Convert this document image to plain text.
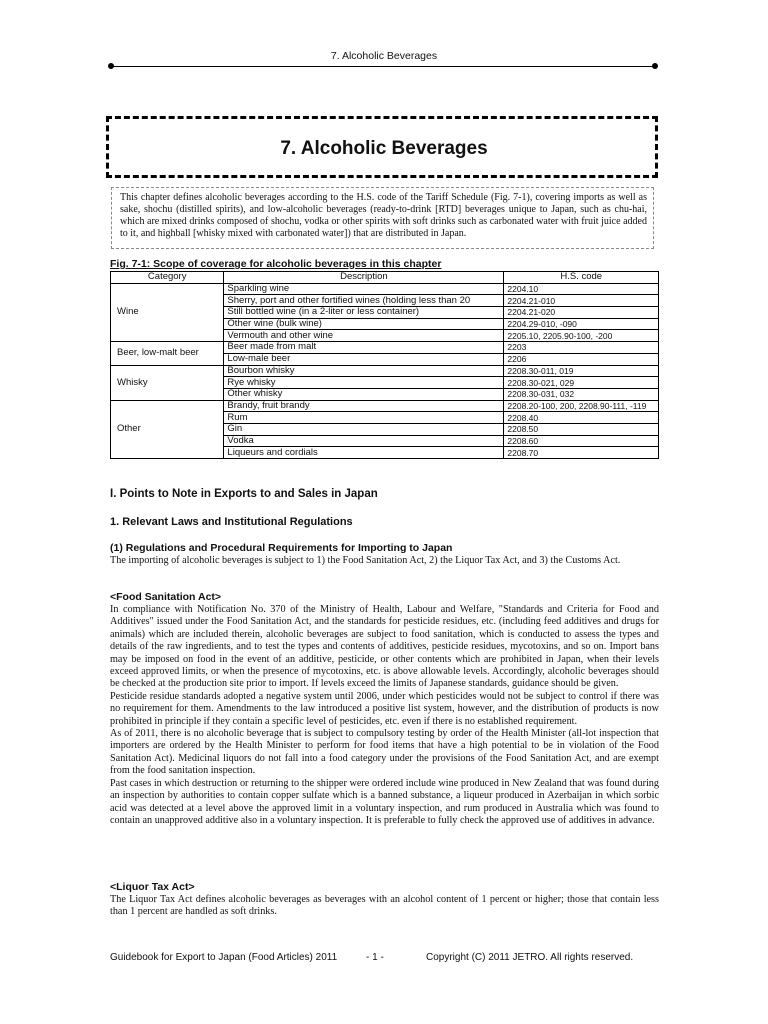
7. Alcoholic Beverages
7. Alcoholic Beverages
This chapter defines alcoholic beverages according to the H.S. code of the Tariff Schedule (Fig. 7-1), covering imports as well as sake, shochu (distilled spirits), and low-alcoholic beverages (ready-to-drink [RTD] beverages unique to Japan, such as chu-hai, which are mixed drinks composed of shochu, vodka or other spirits with soft drinks such as carbonated water with fruit juice added to it, and highball [whisky mixed with carbonated water]) that are distributed in Japan.
Fig. 7-1: Scope of coverage for alcoholic beverages in this chapter
Category	Description	H.S. code
Wine	Sparkling wine	2204.10
	Sherry, port and other fortified wines (holding less than 20	2204.21-010
	Still bottled wine (in a 2-liter or less container)	2204.21-020
	Other wine (bulk wine)	2204.29-010, -090
	Vermouth and other wine	2205.10, 2205.90-100, -200
Beer, low-malt beer	Beer made from malt	2203
	Low-male beer	2206
Whisky	Bourbon whisky	2208.30-011, 019
	Rye whisky	2208.30-021, 029
	Other whisky	2208.30-031, 032
Other	Brandy, fruit brandy	2208.20-100, 200, 2208.90-111, -119
	Rum	2208.40
	Gin	2208.50
	Vodka	2208.60
	Liqueurs and cordials	2208.70
I. Points to Note in Exports to and Sales in Japan
1. Relevant Laws and Institutional Regulations
(1) Regulations and Procedural Requirements for Importing to Japan

The importing of alcoholic beverages is subject to 1) the Food Sanitation Act, 2) the Liquor Tax Act, and 3) the Customs Act.

<Food Sanitation Act>

In compliance with Notification No. 370 of the Ministry of Health, Labour and Welfare, "Standards and Criteria for Food and Additives" issued under the Food Sanitation Act, and the standards for pesticide residues, etc. (including feed additives and drugs for animals) which are included therein, alcoholic beverages are subject to food sanitation, which is conducted to assess the types and details of the raw ingredients, and to test the types and contents of additives, pesticide residues, mycotoxins, and so on. Import bans may be imposed on food in the event of an additive, pesticide, or other contents which are prohibited in Japan, when their levels exceed approved limits, or when the presence of mycotoxins, etc. is above allowable levels. Accordingly, alcoholic beverages should be checked at the production site prior to import. If levels exceed the limits of Japanese standards, guidance should be given.

Pesticide residue standards adopted a negative system until 2006, under which pesticides would not be subject to control if there was no requirement for them. Amendments to the law introduced a positive list system, however, and the distribution of products is now prohibited in principle if they contain a specific level of pesticides, etc. even if there is no established requirement.

As of 2011, there is no alcoholic beverage that is subject to compulsory testing by order of the Health Minister (all-lot inspection that importers are ordered by the Health Minister to perform for food items that have a high potential to be in violation of the Food Sanitation Act). Medicinal liquors do not fall into a food category under the provisions of the Food Sanitation Act, and are exempt from the food sanitation inspection.

Past cases in which destruction or returning to the shipper were ordered include wine produced in New Zealand that was found during an inspection by authorities to contain copper sulfate which is a banned substance, a liqueur produced in Azerbaijan in which sorbic acid was detected at a level above the approved limit in a voluntary inspection, and rum produced in Australia which was found to contain an unapproved additive also in a voluntary inspection. It is preferable to fully check the approved use of additives in advance.

<Liquor Tax Act>

The Liquor Tax Act defines alcoholic beverages as beverages with an alcohol content of 1 percent or higher; those that contain less than 1 percent are handled as soft drinks.

Guidebook for Export to Japan (Food Articles) 2011	- 1 -	Copyright (C) 2011 JETRO. All rights reserved.
